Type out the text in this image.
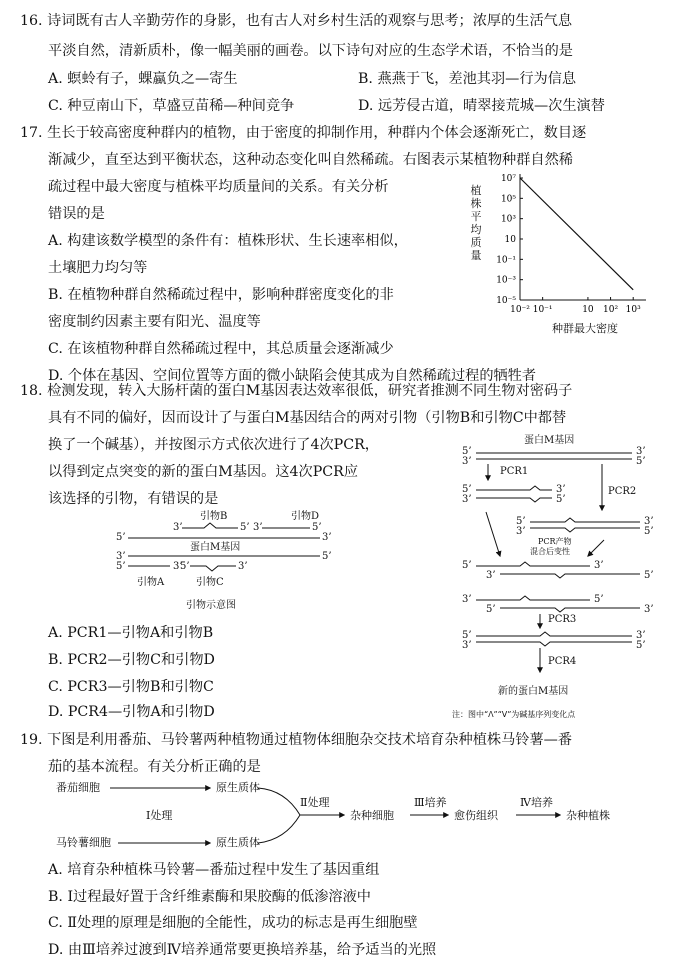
16. 诗词既有古人辛勤劳作的身影，也有古人对乡村生活的观察与思考；浓厚的生活气息
平淡自然，清新质朴，像一幅美丽的画卷。以下诗句对应的生态学术语，不恰当的是
A. 螟蛉有子，蜾蠃负之—寄生	B. 燕燕于飞，差池其羽—行为信息
C. 种豆南山下，草盛豆苗稀—种间竞争	D. 远芳侵古道，晴翠接荒城—次生演替
17. 生长于较高密度种群内的植物，由于密度的抑制作用，种群内个体会逐渐死亡，数目逐
渐减少，直至达到平衡状态，这种动态变化叫自然稀疏。右图表示某植物种群自然稀
疏过程中最大密度与植株平均质量间的关系。有关分析
错误的是
A. 构建该数学模型的条件有：植株形状、生长速率相似，
土壤肥力均匀等
B. 在植物种群自然稀疏过程中，影响种群密度变化的非
密度制约因素主要有阳光、温度等
C. 在该植物种群自然稀疏过程中，其总质量会逐渐减少
D. 个体在基因、空间位置等方面的微小缺陷会使其成为自然稀疏过程的牺牲者
植株平均质量
10⁷
10⁵
10³
10
10⁻¹
10⁻³
10⁻⁵
10⁻² 10⁻¹	10 10² 10³
种群最大密度
18. 检测发现，转入大肠杆菌的蛋白M基因表达效率很低，研究者推测不同生物对密码子
具有不同的偏好，因而设计了与蛋白M基因结合的两对引物（引物B和引物C中都替
换了一个碱基），并按图示方式依次进行了4次PCR，
以得到定点突变的新的蛋白M基因。这4次PCR应
该选择的引物，有错误的是
引物B	引物D
3’	5’ 3’	5’
5’	3’
蛋白M基因
3’	5’
5’	3’
5’	3’
引物A	引物C
引物示意图
A. PCR1—引物A和引物B
B. PCR2—引物C和引物D
C. PCR3—引物B和引物C
D. PCR4—引物A和引物D
蛋白M基因
5’
3’
3’
5’
PCR1
PCR2
5’
3’
3’
5’
5’
3’
3’
5’
PCR产物
混合后变性
5’	3’
3’	5’
3’	5’
5’	3’
PCR3
5’
3’
3’
5’
PCR4
新的蛋白M基因
注：图中“ᐱ”“ᐯ”为碱基序列变化点
19. 下图是利用番茄、马铃薯两种植物通过植物体细胞杂交技术培育杂种植株马铃薯—番
茄的基本流程。有关分析正确的是
番茄细胞	原生质体
Ⅰ处理
Ⅱ处理
杂种细胞
Ⅲ培养
愈伤组织
Ⅳ培养
杂种植株
马铃薯细胞	原生质体
A. 培育杂种植株马铃薯—番茄过程中发生了基因重组
B. Ⅰ过程最好置于含纤维素酶和果胶酶的低渗溶液中
C. Ⅱ处理的原理是细胞的全能性，成功的标志是再生细胞壁
D. 由Ⅲ培养过渡到Ⅳ培养通常要更换培养基，给予适当的光照
